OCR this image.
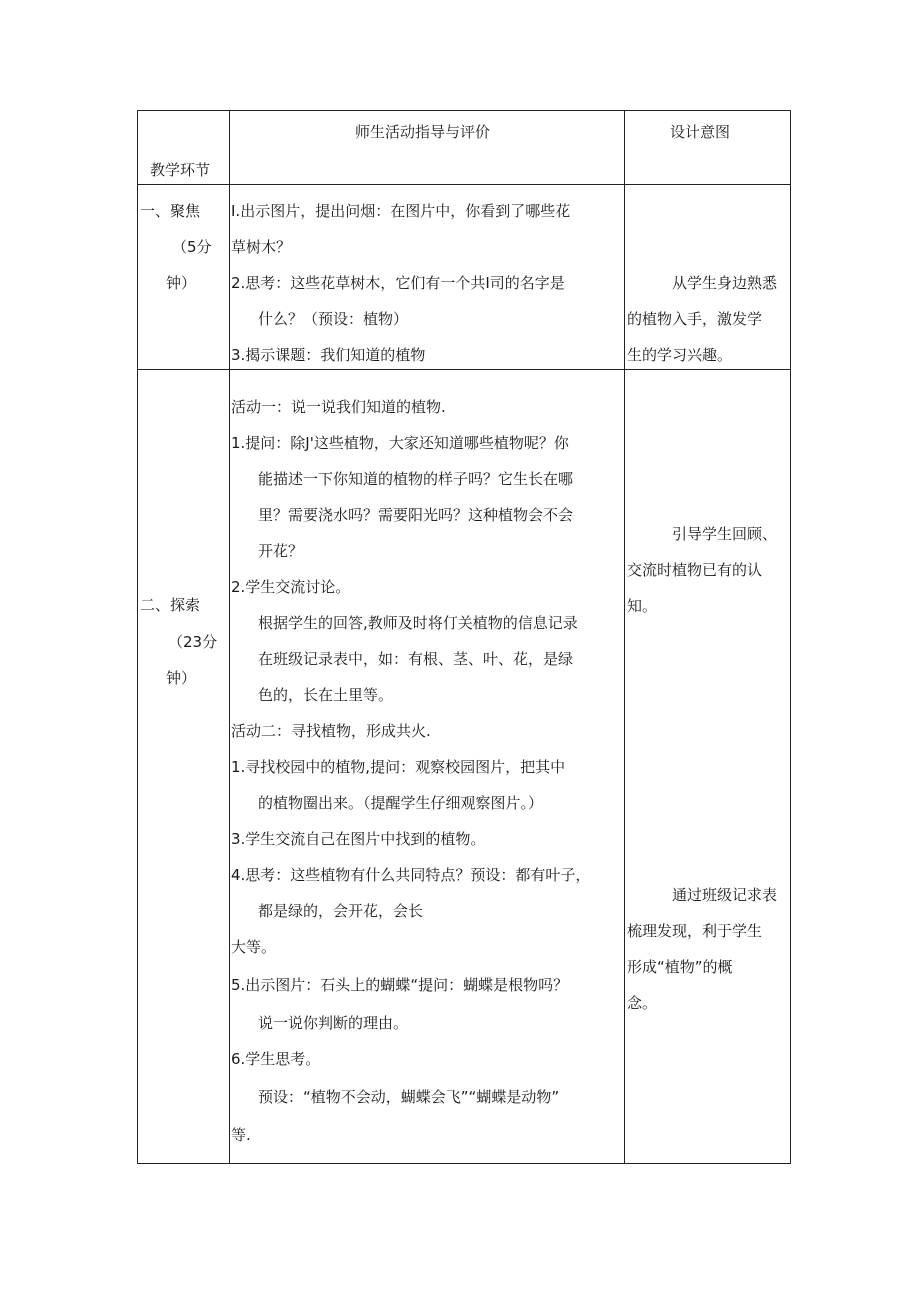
教学环节
师生活动指导与评价	设计意图
一、聚焦
（5分
钟）
I.出示图片，提出问烟：在图片中，你看到了哪些花
草树木？
2.思考：这些花草树木，它们有一个共I司的名字是
什么？（预设：植物）
3.揭示课题：我们知道的植物
从学生身边熟悉
的植物入手，激发学
生的学习兴趣。
二、探索
（23分
钟）
活动一：说一说我们知道的植物.
1.提问：除J'这些植物，大家还知道哪些植物呢？你
能描述一下你知道的植物的样子吗？它生长在哪
里？需要浇水吗？需要阳光吗？这种植物会不会
开花？
2.学生交流讨论。
根据学生的回答,教师及时将仃关植物的信息记录
在班级记录表中，如：有根、茎、叶、花，是绿
色的，长在土里等。
活动二：寻找植物，形成共火.
1.寻找校园中的植物,提问：观察校园图片，把其中
的植物圈出来。（提醒学生仔细观察图片。）
3.学生交流自己在图片中找到的植物。
4.思考：这些植物有什么共同特点？预设：都有叶子，
都是绿的，会开花，会长
大等。
5.出示图片：石头上的蝴蝶“提问：蝴蝶是根物吗？
说一说你判断的理由。
6.学生思考。
预设：“植物不会动，蝴蝶会飞”“蝴蝶是动物”
等.
引导学生回顾、
交流时植物已有的认
知。
通过班级记求表
梳理发现，利于学生
形成“植物”的概
念。
